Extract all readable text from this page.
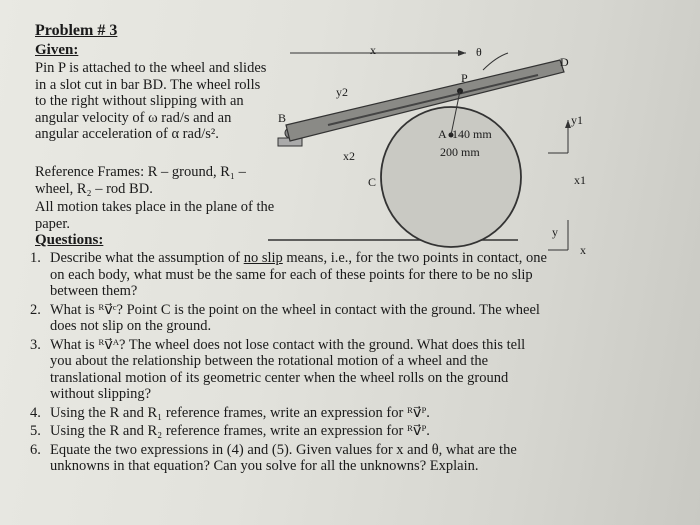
Problem # 3
Given:
Pin P is attached to the wheel and slides in a slot cut in bar BD. The wheel rolls to the right without slipping with an angular velocity of ω rad/s and an angular acceleration of α rad/s².
Reference Frames: R – ground, R₁ – wheel, R₂ – rod BD.
All motion takes place in the plane of the paper.
Questions:
1. Describe what the assumption of no slip means, i.e., for the two points in contact, one on each body, what must be the same for each of these points for there to be no slip between them?
2. What is ᴿv⃗ᶜ? Point C is the point on the wheel in contact with the ground. The wheel does not slip on the ground.
3. What is ᴿv⃗ᴬ? The wheel does not lose contact with the ground. What does this tell you about the relationship between the rotational motion of a wheel and the translational motion of its geometric center when the wheel rolls on the ground without slipping?
4. Using the R and R₁ reference frames, write an expression for ᴿv⃗ᴾ.
5. Using the R and R₂ reference frames, write an expression for ᴿv⃗ᴾ.
6. Equate the two expressions in (4) and (5). Given values for x and θ, what are the unknowns in that equation? Can you solve for all the unknowns? Explain.
x	θ
D
P
B
A
C
y2
x2
140 mm
200 mm
y1
x1
y
x
